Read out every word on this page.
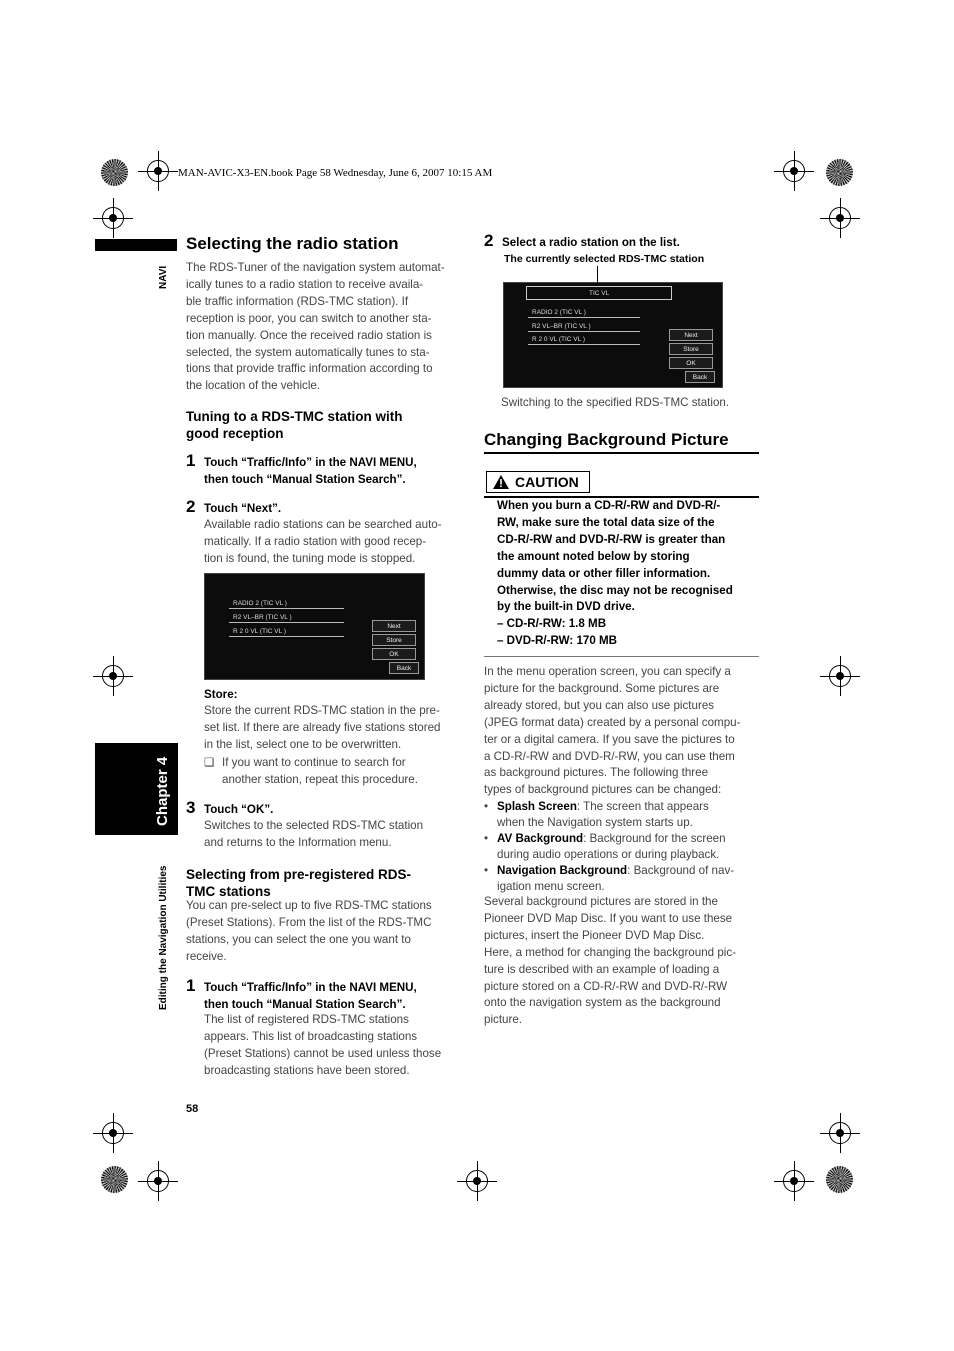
MAN-AVIC-X3-EN.book Page 58 Wednesday, June 6, 2007 10:15 AM
NAVI
Chapter 4
Editing the Navigation Utilities
58
Selecting the radio station
The RDS-Tuner of the navigation system automat-
ically tunes to a radio station to receive availa-
ble traffic information (RDS-TMC station). If
reception is poor, you can switch to another sta-
tion manually. Once the received radio station is
selected, the system automatically tunes to sta-
tions that provide traffic information according to
the location of the vehicle.
Tuning to a RDS-TMC station with
good reception
1 Touch “Traffic/Info” in the NAVI MENU,
then touch “Manual Station Search”.
2 Touch “Next”.
Available radio stations can be searched auto-
matically. If a radio station with good recep-
tion is found, the tuning mode is stopped.
RADIO 2 (TIC VL )
R2 VL–BR (TIC VL )
R 2 0 VL (TIC VL )
Next
Store
OK
Back
Store:
Store the current RDS-TMC station in the pre-
set list. If there are already five stations stored
in the list, select one to be overwritten.
❑ If you want to continue to search for
another station, repeat this procedure.
3 Touch “OK”.
Switches to the selected RDS-TMC station
and returns to the Information menu.
Selecting from pre-registered RDS-
TMC stations
You can pre-select up to five RDS-TMC stations
(Preset Stations). From the list of the RDS-TMC
stations, you can select the one you want to
receive.
1 Touch “Traffic/Info” in the NAVI MENU,
then touch “Manual Station Search”.
The list of registered RDS-TMC stations
appears. This list of broadcasting stations
(Preset Stations) cannot be used unless those
broadcasting stations have been stored.
2 Select a radio station on the list.
The currently selected RDS-TMC station
TIC VL
RADIO 2 (TIC VL )
R2 VL–BR (TIC VL )
R 2 0 VL (TIC VL )
Next
Store
OK
Back
Switching to the specified RDS-TMC station.
Changing Background Picture
CAUTION
When you burn a CD-R/-RW and DVD-R/-
RW, make sure the total data size of the
CD-R/-RW and DVD-R/-RW is greater than
the amount noted below by storing
dummy data or other filler information.
Otherwise, the disc may not be recognised
by the built-in DVD drive.
– CD-R/-RW: 1.8 MB
– DVD-R/-RW: 170 MB
In the menu operation screen, you can specify a
picture for the background. Some pictures are
already stored, but you can also use pictures
(JPEG format data) created by a personal compu-
ter or a digital camera. If you save the pictures to
a CD-R/-RW and DVD-R/-RW, you can use them
as background pictures. The following three
types of background pictures can be changed:
• Splash Screen: The screen that appears
when the Navigation system starts up.
• AV Background: Background for the screen
during audio operations or during playback.
• Navigation Background: Background of nav-
igation menu screen.
Several background pictures are stored in the
Pioneer DVD Map Disc. If you want to use these
pictures, insert the Pioneer DVD Map Disc.
Here, a method for changing the background pic-
ture is described with an example of loading a
picture stored on a CD-R/-RW and DVD-R/-RW
onto the navigation system as the background
picture.
